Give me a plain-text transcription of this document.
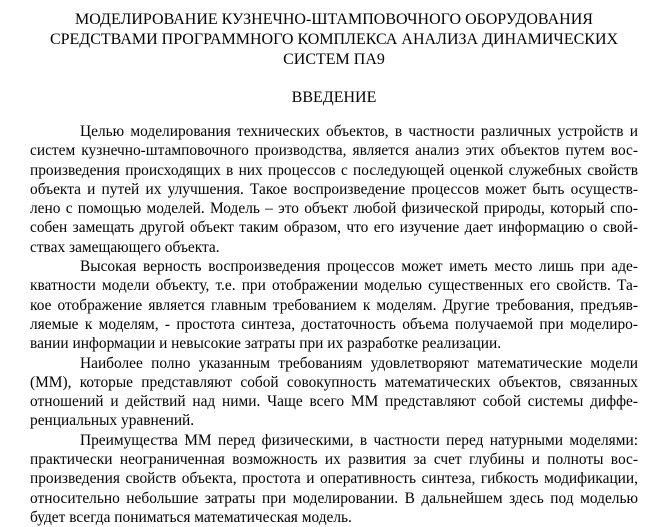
МОДЕЛИРОВАНИЕ КУЗНЕЧНО-ШТАМПОВОЧНОГО ОБОРУДОВАНИЯ
СРЕДСТВАМИ ПРОГРАММНОГО КОМПЛЕКСА АНАЛИЗА ДИНАМИЧЕСКИХ
СИСТЕМ ПА9
ВВЕДЕНИЕ

Целью моделирования технических объектов, в частности различных устройств и
систем кузнечно-штамповочного производства, является анализ этих объектов путем вос-
произведения происходящих в них процессов с последующей оценкой служебных свойств
объекта и путей их улучшения. Такое воспроизведение процессов может быть осуществ-
лено с помощью моделей. Модель – это объект любой физической природы, который спо-
собен замещать другой объект таким образом, что его изучение дает информацию о свой-
ствах замещающего объекта.

Высокая верность воспроизведения процессов может иметь место лишь при аде-
кватности модели объекту, т.е. при отображении моделью существенных его свойств. Та-
кое отображение является главным требованием к моделям. Другие требования, предъяв-
ляемые к моделям, - простота синтеза, достаточность объема получаемой при моделиро-
вании информации и невысокие затраты при их разработке реализации.

Наиболее полно указанным требованиям удовлетворяют математические модели
(ММ), которые представляют собой совокупность математических объектов, связанных
отношений и действий над ними. Чаще всего ММ представляют собой системы диффе-
ренциальных уравнений.

Преимущества ММ перед физическими, в частности перед натурными моделями:
практически неограниченная возможность их развития за счет глубины и полноты вос-
произведения свойств объекта, простота и оперативность синтеза, гибкость модификации,
относительно небольшие затраты при моделировании. В дальнейшем здесь под моделью
будет всегда пониматься математическая модель.
